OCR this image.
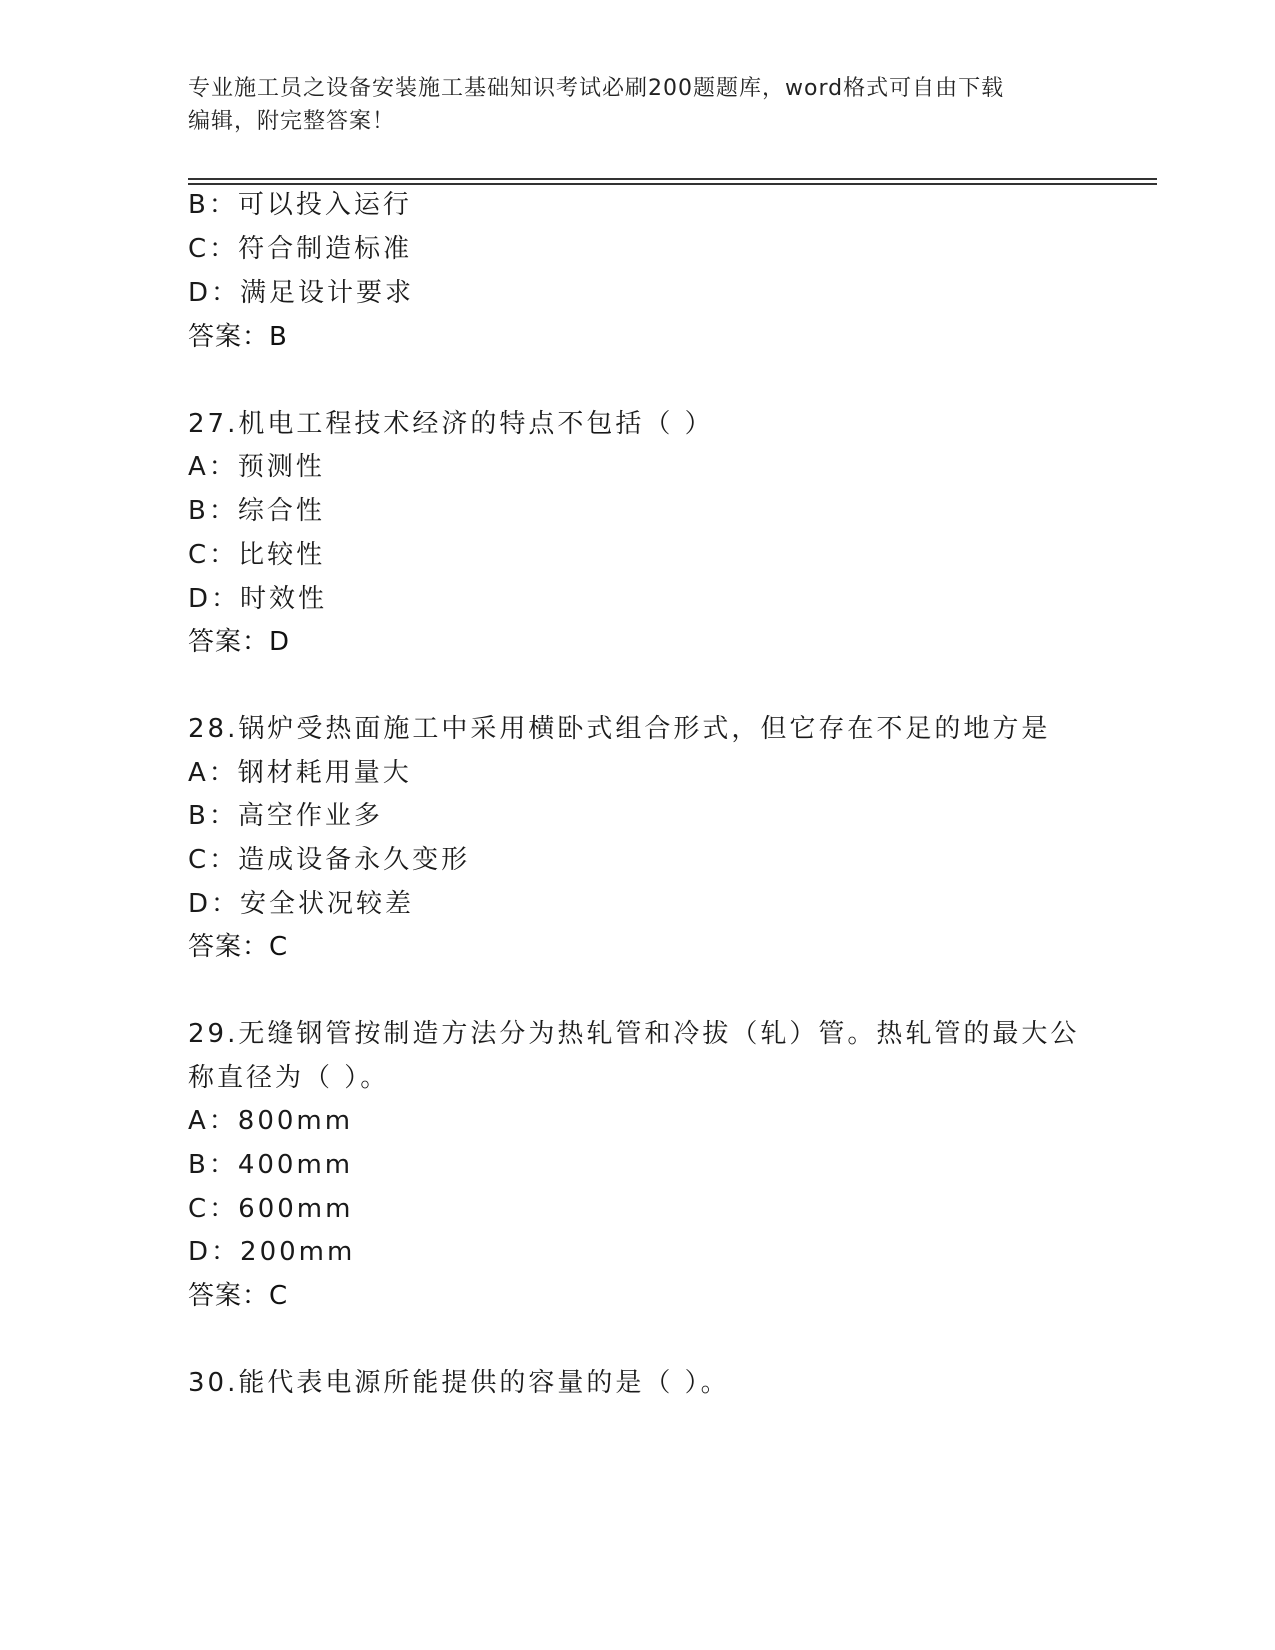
专业施工员之设备安装施工基础知识考试必刷200题题库，word格式可自由下载
编辑，附完整答案！
B：可以投入运行
C：符合制造标准
D：满足设计要求
答案：B
27.机电工程技术经济的特点不包括（ ）
A：预测性
B：综合性
C：比较性
D：时效性
答案：D
28.锅炉受热面施工中采用横卧式组合形式，但它存在不足的地方是
A：钢材耗用量大
B：高空作业多
C：造成设备永久变形
D：安全状况较差
答案：C
29.无缝钢管按制造方法分为热轧管和冷拔（轧）管。热轧管的最大公
称直径为（ ）。
A：800mm
B：400mm
C：600mm
D：200mm
答案：C
30.能代表电源所能提供的容量的是（ ）。
